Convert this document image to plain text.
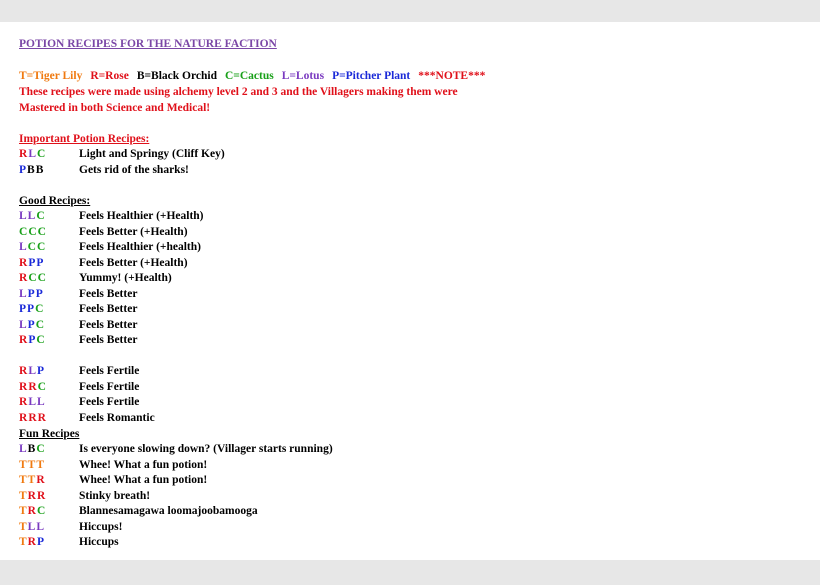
POTION RECIPES FOR THE NATURE FACTION
T=Tiger Lily R=Rose B=Black Orchid C=Cactus L=Lotus P=Pitcher Plant ***NOTE***
These recipes were made using alchemy level 2 and 3 and the Villagers making them were
Mastered in both Science and Medical!
Important Potion Recipes:
RLC	Light and Springy (Cliff Key)
PBB	Gets rid of the sharks!
Good Recipes:
LLC	Feels Healthier (+Health)
CCC	Feels Better (+Health)
LCC	Feels Healthier (+health)
RPP	Feels Better (+Health)
RCC	Yummy! (+Health)
LPP	Feels Better
PPC	Feels Better
LPC	Feels Better
RPC	Feels Better
RLP	Feels Fertile
RRC	Feels Fertile
RLL	Feels Fertile
RRR	Feels Romantic
Fun Recipes
LBC	Is everyone slowing down? (Villager starts running)
TTT	Whee! What a fun potion!
TTR	Whee! What a fun potion!
TRR	Stinky breath!
TRC	Blannesamagawa loomajoobamooga
TLL	Hiccups!
TRP	Hiccups
